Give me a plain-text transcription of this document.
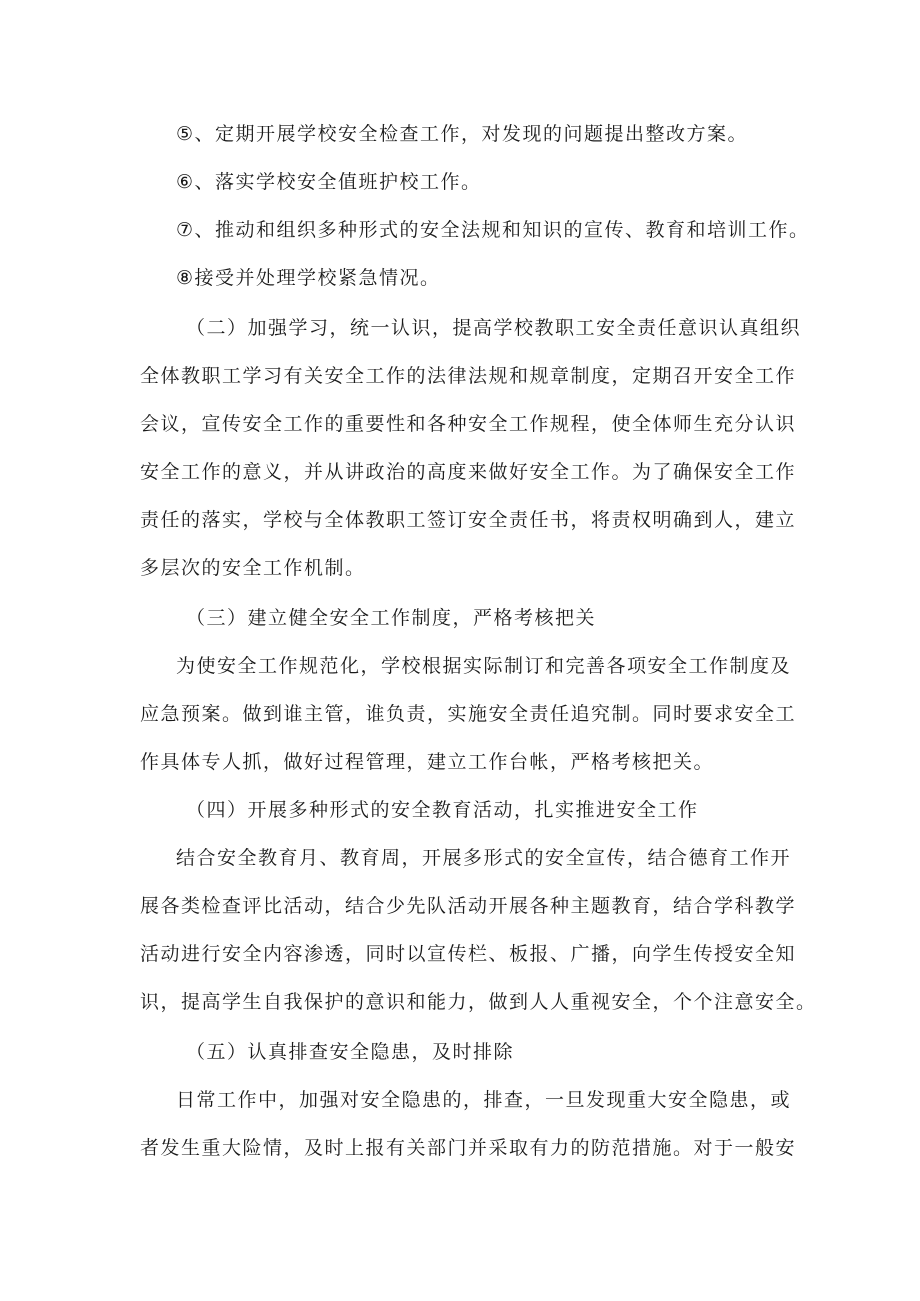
⑤、定期开展学校安全检查工作，对发现的问题提出整改方案。
⑥、落实学校安全值班护校工作。
⑦、推动和组织多种形式的安全法规和知识的宣传、教育和培训工作。
⑧接受并处理学校紧急情况。
（二）加强学习，统一认识，提高学校教职工安全责任意识认真组织
全体教职工学习有关安全工作的法律法规和规章制度，定期召开安全工作
会议，宣传安全工作的重要性和各种安全工作规程，使全体师生充分认识
安全工作的意义，并从讲政治的高度来做好安全工作。为了确保安全工作
责任的落实，学校与全体教职工签订安全责任书，将责权明确到人，建立
多层次的安全工作机制。
（三）建立健全安全工作制度，严格考核把关
为使安全工作规范化，学校根据实际制订和完善各项安全工作制度及
应急预案。做到谁主管，谁负责，实施安全责任追究制。同时要求安全工
作具体专人抓，做好过程管理，建立工作台帐，严格考核把关。
（四）开展多种形式的安全教育活动，扎实推进安全工作
结合安全教育月、教育周，开展多形式的安全宣传，结合德育工作开
展各类检查评比活动，结合少先队活动开展各种主题教育，结合学科教学
活动进行安全内容渗透，同时以宣传栏、板报、广播，向学生传授安全知
识，提高学生自我保护的意识和能力，做到人人重视安全，个个注意安全。
（五）认真排查安全隐患，及时排除
日常工作中，加强对安全隐患的，排查，一旦发现重大安全隐患，或
者发生重大险情，及时上报有关部门并采取有力的防范措施。对于一般安
